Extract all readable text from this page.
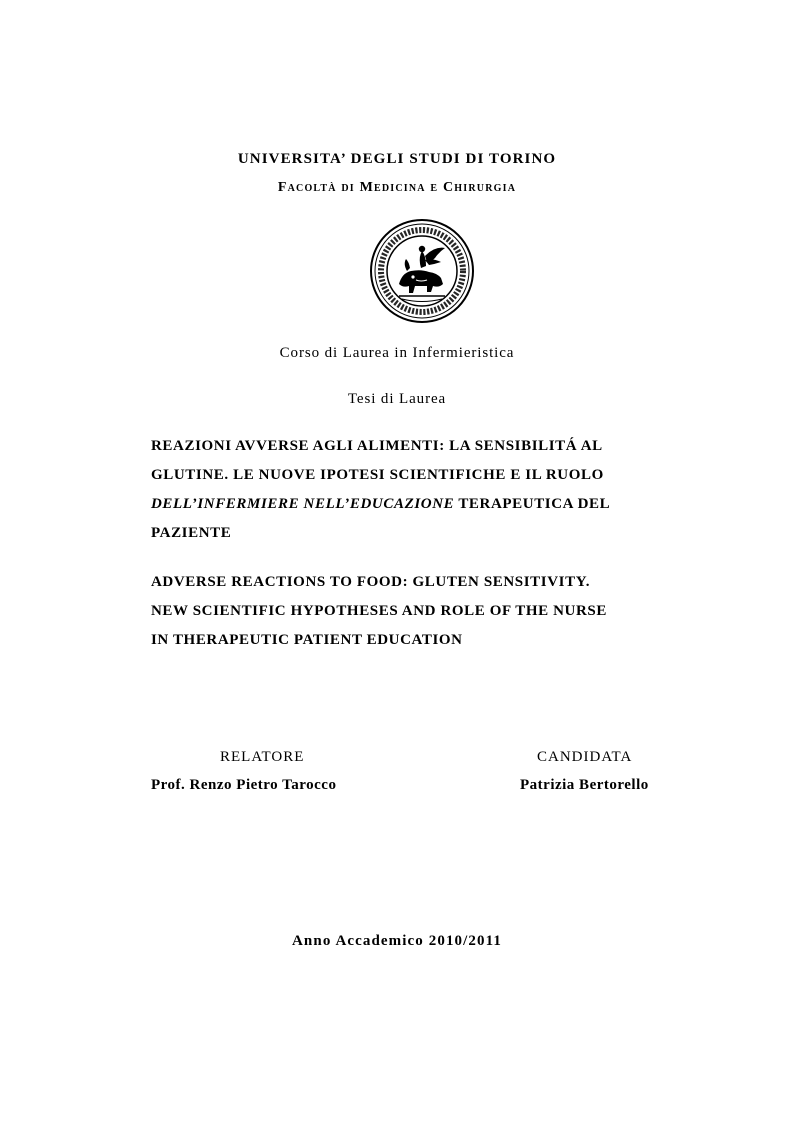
UNIVERSITA’ DEGLI STUDI DI TORINO
Facoltà di Medicina e Chirurgia
Corso di Laurea in Infermieristica
Tesi di Laurea
REAZIONI AVVERSE AGLI ALIMENTI: LA SENSIBILITÁ AL
GLUTINE. LE NUOVE IPOTESI SCIENTIFICHE E IL RUOLO
DELL’INFERMIERE NELL’EDUCAZIONE TERAPEUTICA DEL
PAZIENTE
ADVERSE REACTIONS TO FOOD: GLUTEN SENSITIVITY.
NEW SCIENTIFIC HYPOTHESES AND ROLE OF THE NURSE
IN THERAPEUTIC PATIENT EDUCATION
RELATORE	CANDIDATA
Prof. Renzo Pietro Tarocco	Patrizia Bertorello
Anno Accademico 2010/2011
